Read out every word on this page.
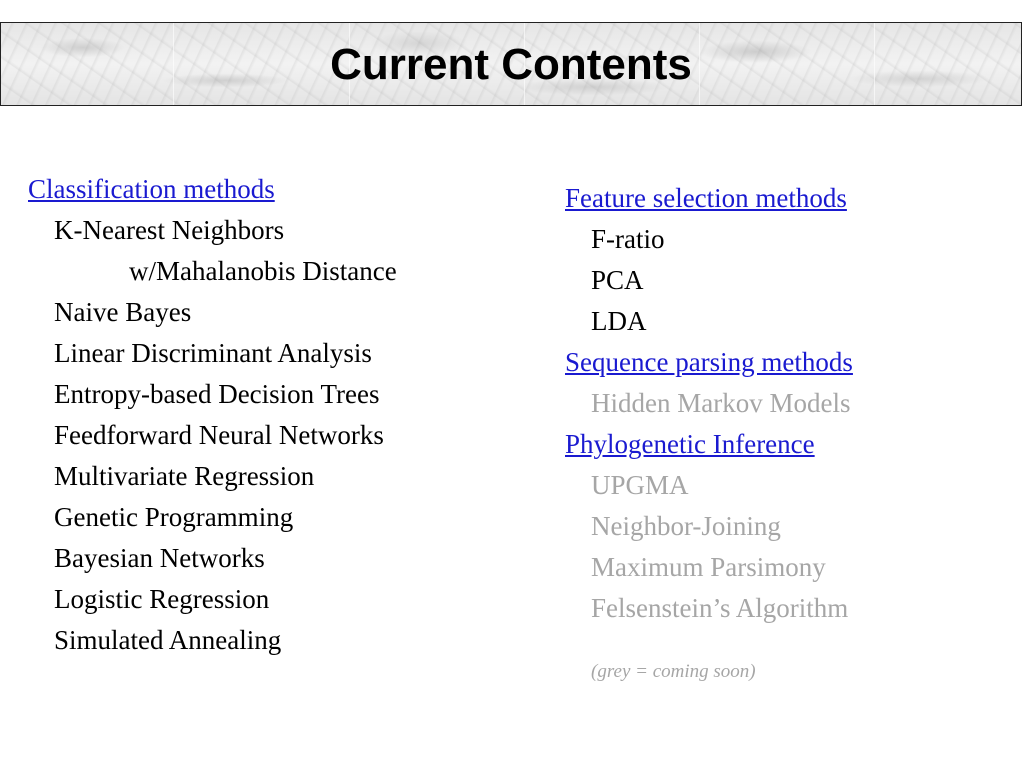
Current Contents
Classification methods
K-Nearest Neighbors
w/Mahalanobis Distance
Naive Bayes
Linear Discriminant Analysis
Entropy-based Decision Trees
Feedforward Neural Networks
Multivariate Regression
Genetic Programming
Bayesian Networks
Logistic Regression
Simulated Annealing
Feature selection methods
F-ratio
PCA
LDA
Sequence parsing methods
Hidden Markov Models
Phylogenetic Inference
UPGMA
Neighbor-Joining
Maximum Parsimony
Felsenstein’s Algorithm
(grey = coming soon)
